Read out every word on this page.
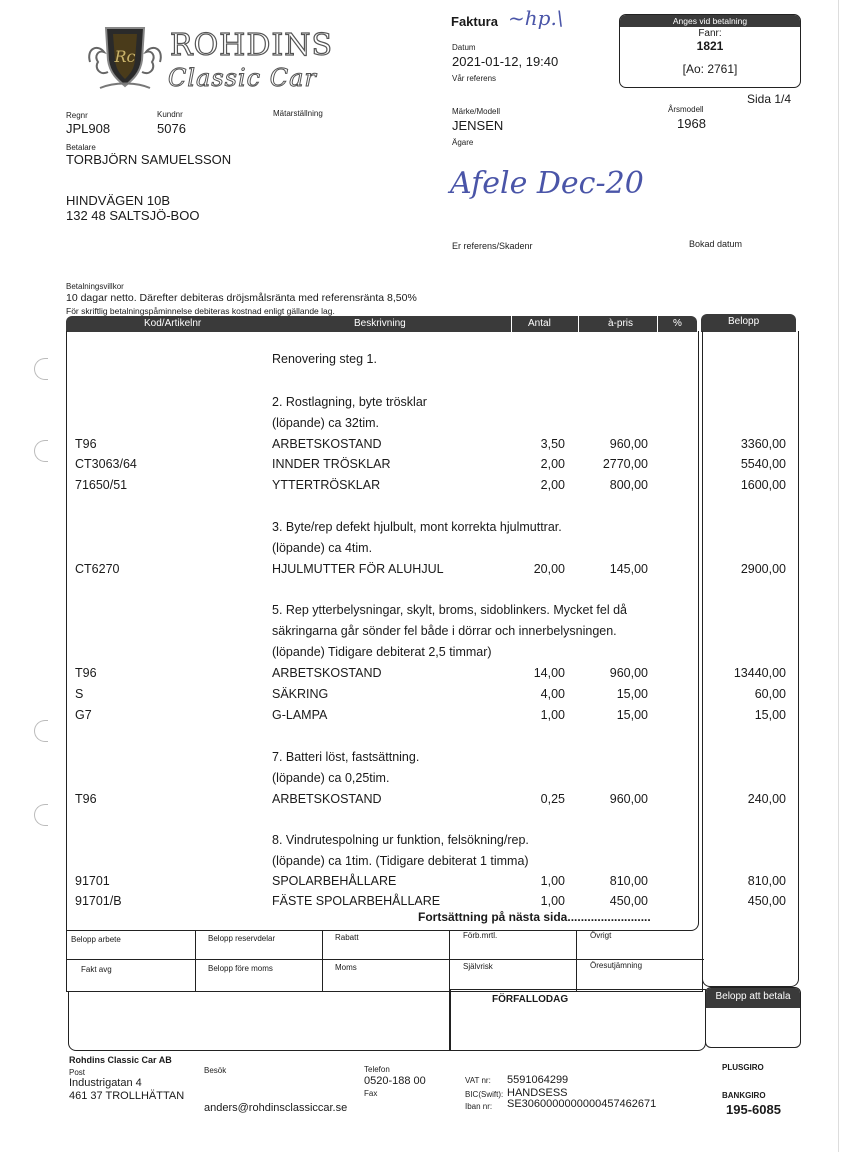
Rc ROHDINS
Classic Car
Faktura ~hp.\
Datum
2021-01-12, 19:40
Vår referens
Anges vid betalning
Fanr:
1821
[Ao: 2761]
Sida 1/4
Regnr
JPL908
Kundnr
5076
Mätarställning
Betalare
TORBJÖRN SAMUELSSON
HINDVÄGEN 10B
132 48 SALTSJÖ-BOO
Märke/Modell
JENSEN
Årsmodell
1968
Ägare
Afele Dec-20
Er referens/Skadenr	Bokad datum
Betalningsvillkor
10 dagar netto. Därefter debiteras dröjsmålsränta med referensränta 8,50%
För skriftlig betalningspåminnelse debiteras kostnad enligt gällande lag.
Kod/Artikelnr	Beskrivning	Antal	à-pris	%	Belopp
Renovering steg 1.
2. Rostlagning, byte trösklar
(löpande) ca 32tim.
T96	ARBETSKOSTAND	3,50	960,00	3360,00
CT3063/64	INNDER TRÖSKLAR	2,00	2770,00	5540,00
71650/51	YTTERTRÖSKLAR	2,00	800,00	1600,00
3. Byte/rep defekt hjulbult, mont korrekta hjulmuttrar.
(löpande) ca 4tim.
CT6270	HJULMUTTER FÖR ALUHJUL	20,00	145,00	2900,00
5. Rep ytterbelysningar, skylt, broms, sidoblinkers. Mycket fel då
säkringarna går sönder fel både i dörrar och innerbelysningen.
(löpande) Tidigare debiterat 2,5 timmar)
T96	ARBETSKOSTAND	14,00	960,00	13440,00
S	SÄKRING	4,00	15,00	60,00
G7	G-LAMPA	1,00	15,00	15,00
7. Batteri löst, fastsättning.
(löpande) ca 0,25tim.
T96	ARBETSKOSTAND	0,25	960,00	240,00
8. Vindrutespolning ur funktion, felsökning/rep.
(löpande) ca 1tim. (Tidigare debiterat 1 timma)
91701	SPOLARBEHÅLLARE	1,00	810,00	810,00
91701/B	FÄSTE SPOLARBEHÅLLARE	1,00	450,00	450,00
Fortsättning på nästa sida.........................
Belopp arbete	Belopp reservdelar	Rabatt	Förb.mrtl.	Övrigt
Fakt avg	Belopp före moms	Moms	Självrisk	Öresutjämning
FÖRFALLODAG	Belopp att betala
Rohdins Classic Car AB
Post
Industrigatan 4
461 37 TROLLHÄTTAN
Besök
anders@rohdinsclassiccar.se
Telefon
0520-188 00
Fax
VAT nr: 5591064299
BIC(Swift): HANDSESS
Iban nr: SE3060000000000457462671
PLUSGIRO
BANKGIRO
195-6085
